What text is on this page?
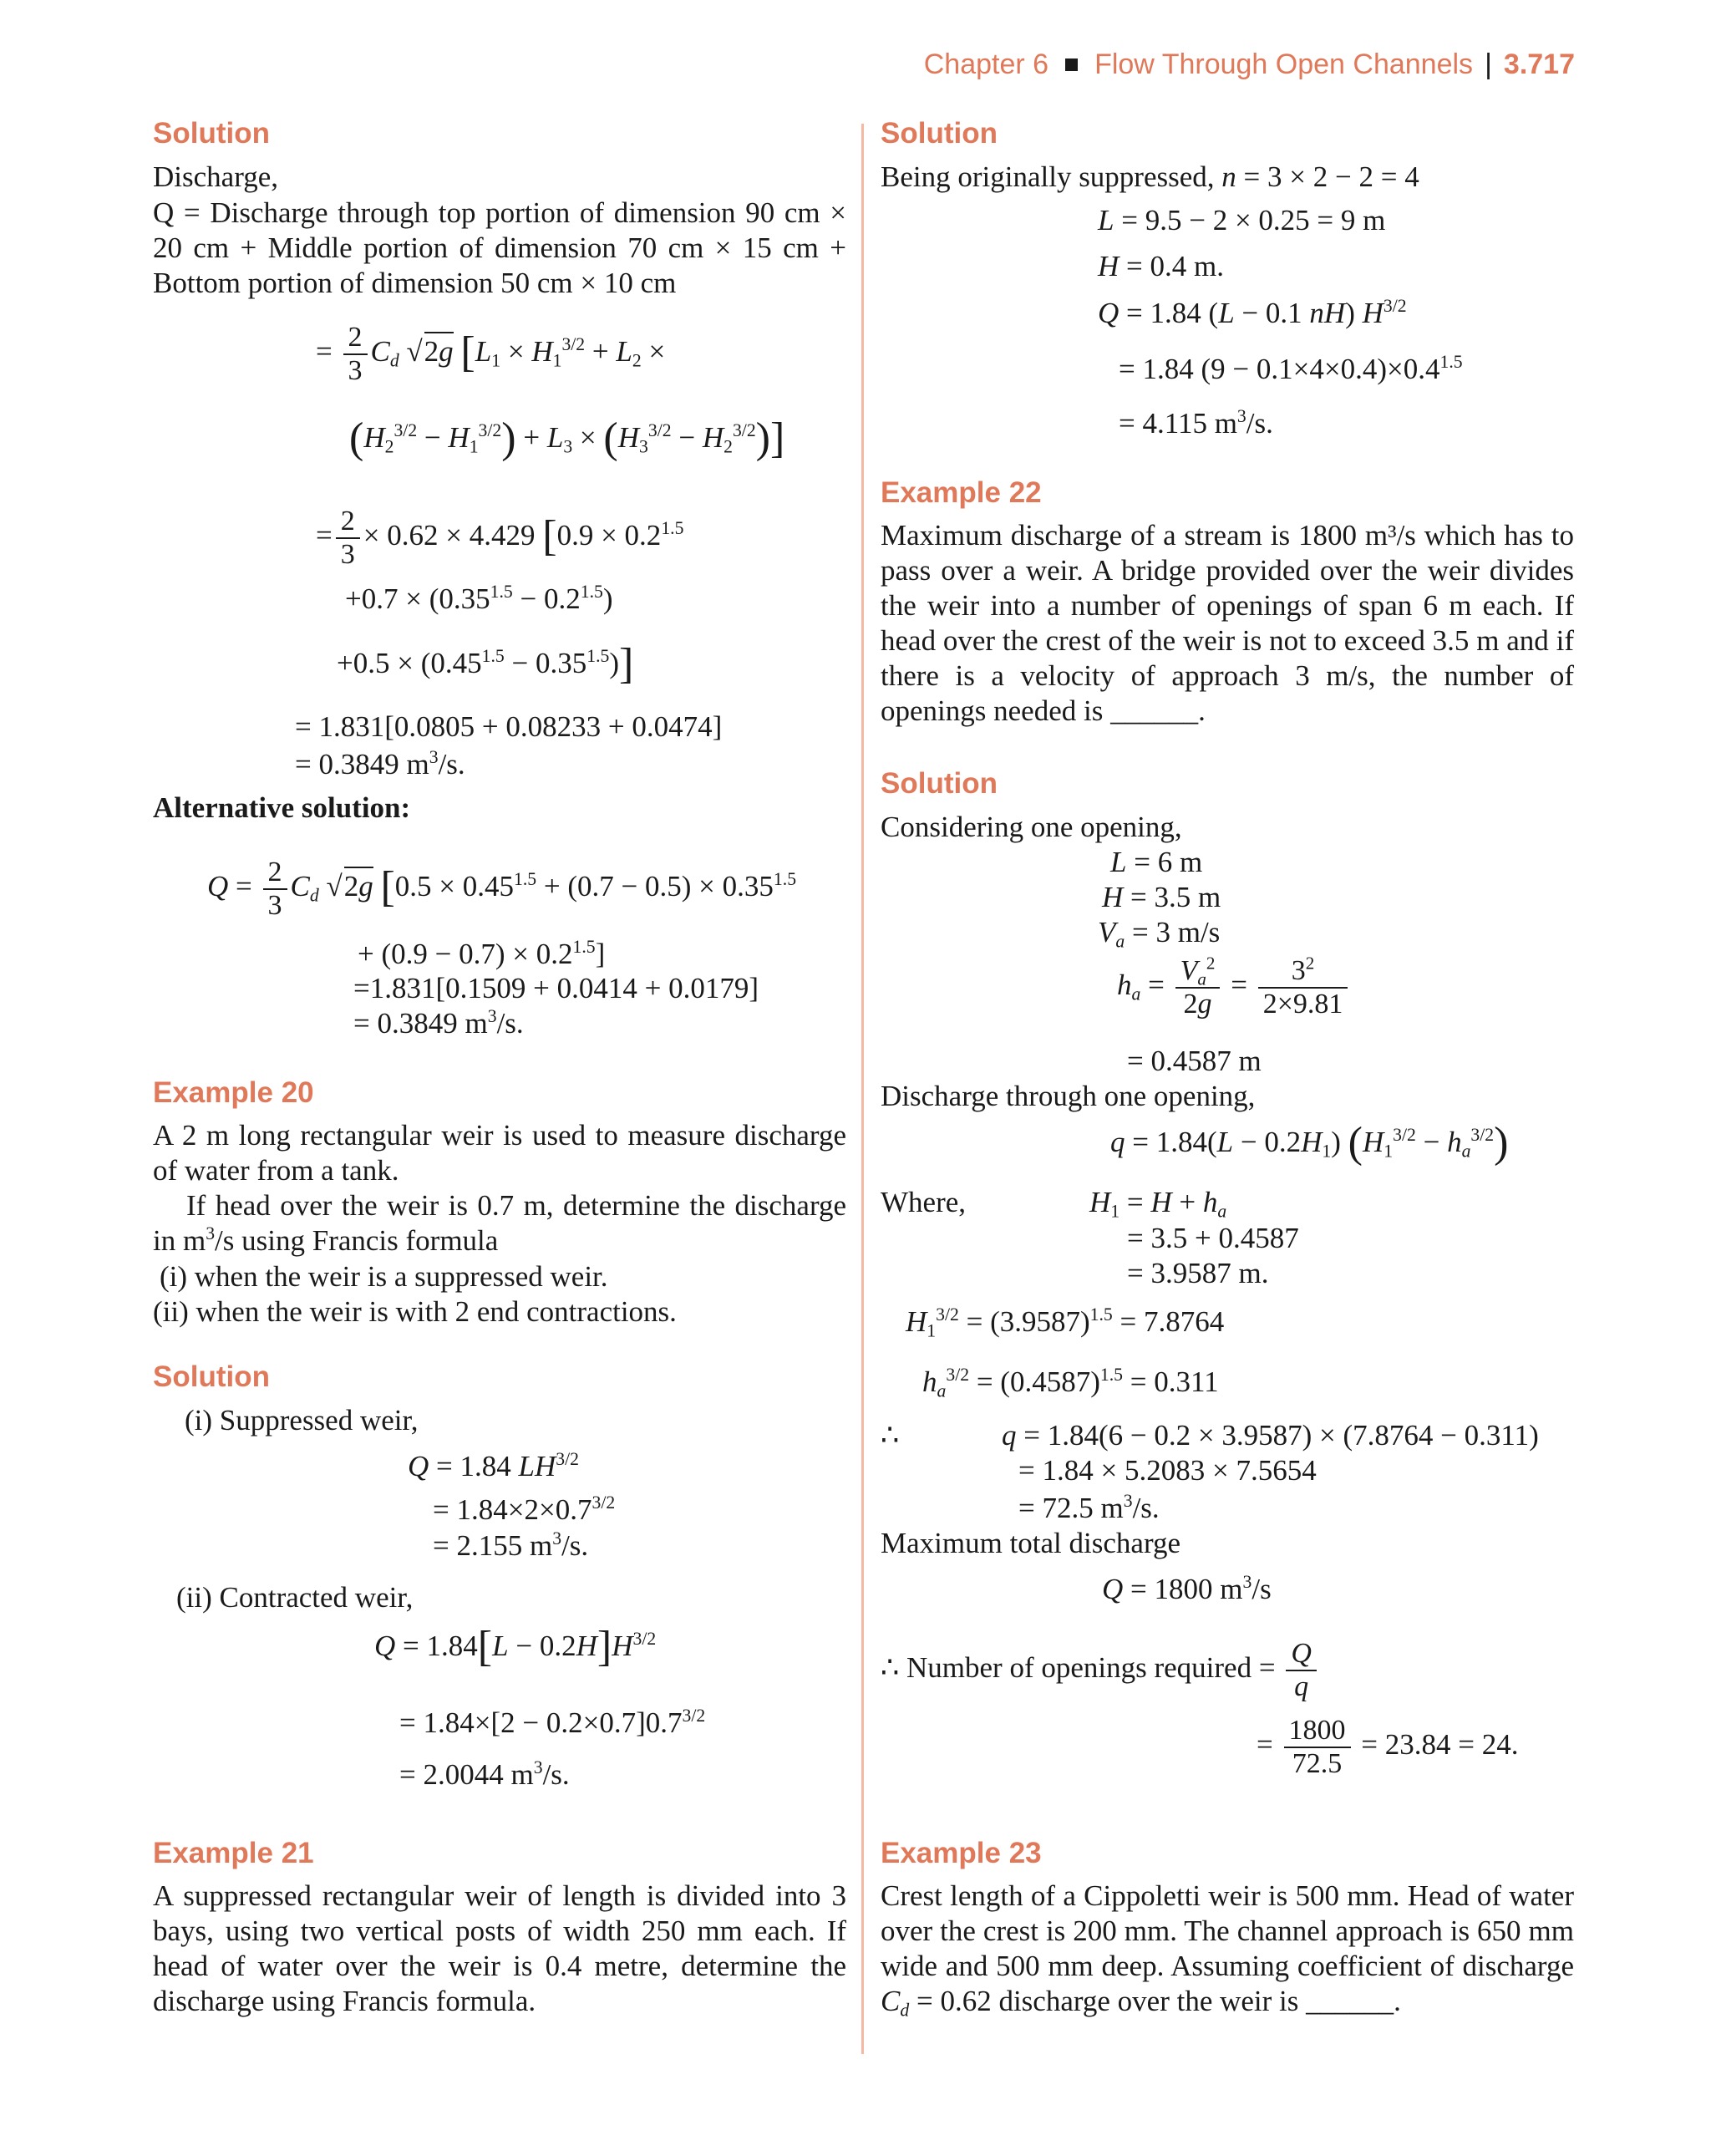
Chapter 6 Flow Through Open Channels | 3.717
Solution
Discharge,
Q = Discharge through top portion of dimension 90 cm × 20 cm + Middle portion of dimension 70 cm × 15 cm + Bottom portion of dimension 50 cm × 10 cm
= $\frac{2}{3} C_d$ √2g [$L_1 \times H_1^{3/2} + L_2$ ×
$(H_2^{3/2} - H_1^{3/2}) + L_3 \times (H_3^{3/2} - H_2^{3/2})$]
= $\frac{2}{3} \times 0.62 \times 4.429$ [$0.9 \times 0.2^{1.5}$
$+0.7 \times (0.35^{1.5} - 0.2^{1.5})$
$+0.5 \times (0.45^{1.5} - 0.35^{1.5})$]
= 1.831[0.0805 + 0.08233 + 0.0474]
= 0.3849 $m^3/s$.
Alternative solution:
$Q = \frac{2}{3} C_d$ √2g [$0.5 \times 0.45^{1.5} + (0.7 - 0.5) \times 0.35^{1.5}$
+ $(0.9 - 0.7) \times 0.2^{1.5}$]
=1.831[0.1509 + 0.0414 + 0.0179]
= 0.3849 $m^3/s$.
Example 20
A 2 m long rectangular weir is used to measure discharge of water from a tank.
If head over the weir is 0.7 m, determine the discharge in $m^3/s$ using Francis formula
(i) when the weir is a suppressed weir.
(ii) when the weir is with 2 end contractions.
Solution
(i) Suppressed weir,
Q = 1.84 $LH^{3/2}$
= $1.84\times 2\times 0.7^{3/2}$
= 2.155 $m^3/s$.
(ii) Contracted weir,
$Q = 1.84[L - 0.2H]H^{3/2}$
= $1.84\times[2 - 0.2\times 0.7]0.7^{3/2}$
= 2.0044 $m^3/s$.
Example 21
A suppressed rectangular weir of length is divided into 3 bays, using two vertical posts of width 250 mm each. If head of water over the weir is 0.4 metre, determine the discharge using Francis formula.
Solution
Being originally suppressed, n = 3 × 2 − 2 = 4
L = 9.5 − 2 × 0.25 = 9 m
H = 0.4 m.
Q = 1.84 (L − 0.1 nH) $H^{3/2}$
= 1.84 $(9 - 0.1\times 4\times 0.4)\times 0.4^{1.5}$
= 4.115 $m^3/s$.
Example 22
Maximum discharge of a stream is 1800 m³/s which has to pass over a weir. A bridge provided over the weir divides the weir into a number of openings of span 6 m each. If head over the crest of the weir is not to exceed 3.5 m and if there is a velocity of approach 3 m/s, the number of openings needed is ______.
Solution
Considering one opening,
L = 6 m
H = 3.5 m
$V_a = 3$ m/s
$h_a = \frac{V_a^2}{2g} = \frac{3^2}{2\times 9.81}$
= 0.4587 m
Discharge through one opening,
$q = 1.84(L - 0.2H_1)$ $(H_1^{3/2} - h_a^{3/2})$
Where,	$H_1 = H + h_a$
= 3.5 + 0.4587
= 3.9587 m.
$H_1^{3/2} = (3.9587)^{1.5} = 7.8764$
$h_a^{3/2} = (0.4587)^{1.5} = 0.311$
∴	q = 1.84(6 − 0.2 × 3.9587) × (7.8764 − 0.311)
= 1.84 × 5.2083 × 7.5654
= 72.5 $m^3/s$.
Maximum total discharge
Q = 1800 $m^3/s$
∴ Number of openings required = $\frac{Q}{q}$
= $\frac{1800}{72.5} = 23.84 = 24$.
Example 23
Crest length of a Cippoletti weir is 500 mm. Head of water over the crest is 200 mm. The channel approach is 650 mm wide and 500 mm deep. Assuming coefficient of discharge $C_d = 0.62$ discharge over the weir is ______.
